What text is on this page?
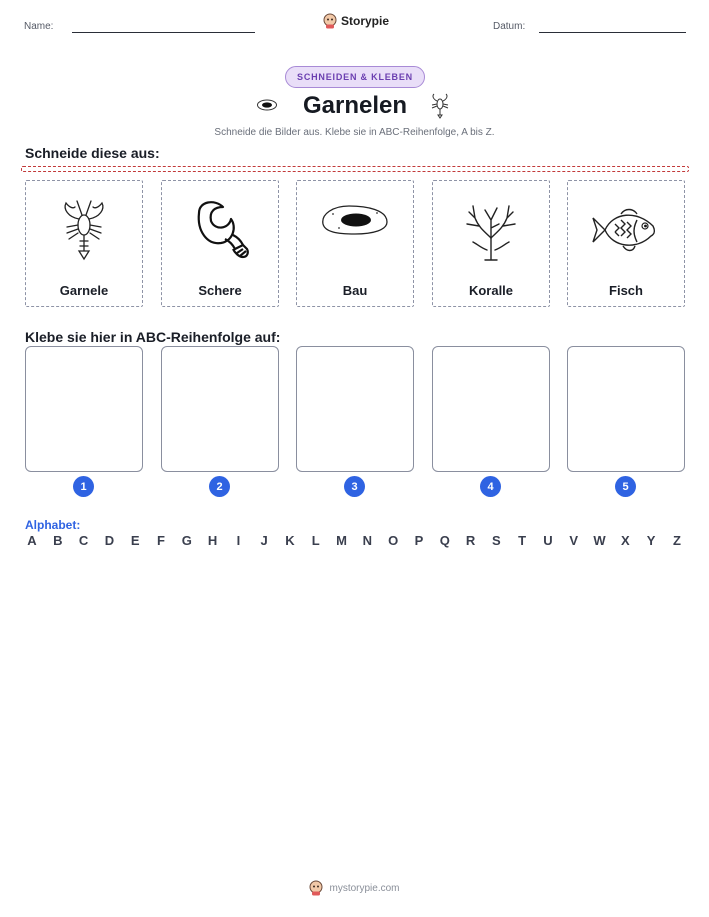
Name:	Storypie	Datum:
SCHNEIDEN & KLEBEN
Garnelen
Schneide die Bilder aus. Klebe sie in ABC-Reihenfolge, A bis Z.
Schneide diese aus:
Garnele	Schere	Bau	Koralle	Fisch
Klebe sie hier in ABC-Reihenfolge auf:
1	2	3	4	5
Alphabet:
A	B	C	D	E	F	G	H	I	J	K	L	M	N	O	P	Q	R	S	T	U	V	W	X	Y	Z
mystorypie.com
